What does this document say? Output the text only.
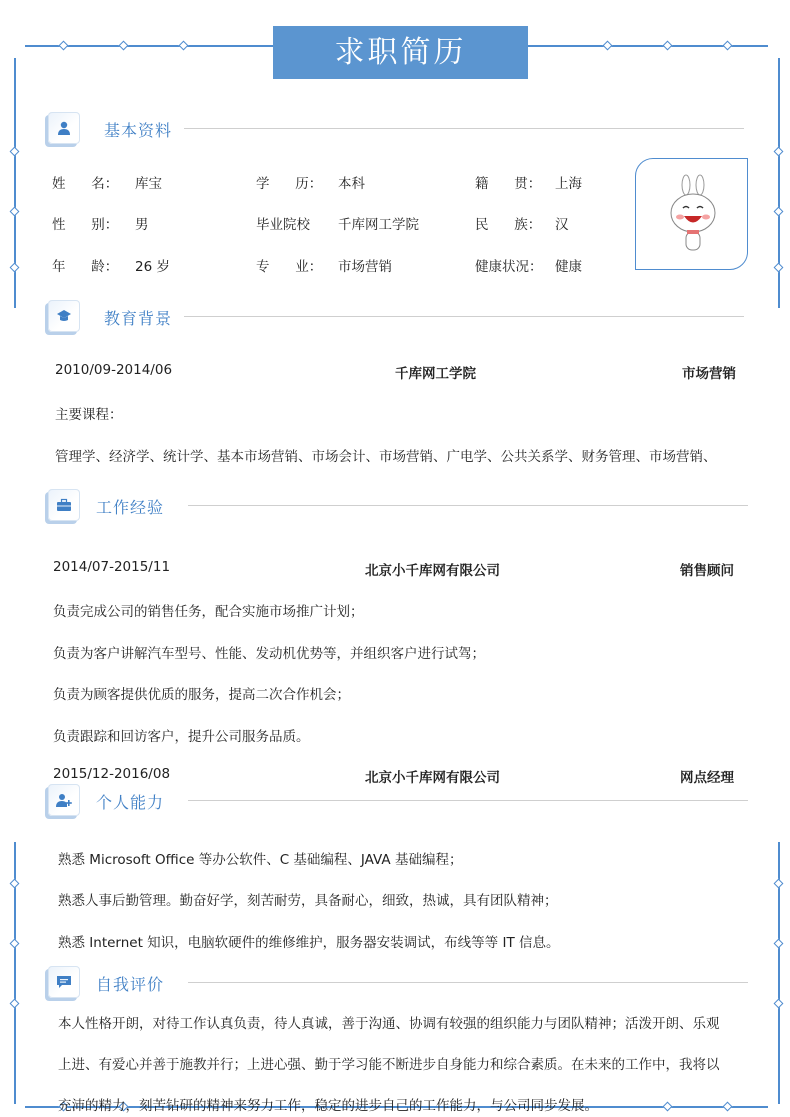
求职简历
基本资料
姓      名： 库宝	学      历： 本科	籍      贯： 上海
性      别： 男	毕业院校 千库网工学院	民      族： 汉
年      龄： 26 岁	专      业： 市场营销	健康状况： 健康
教育背景
2010/09-2014/06	千库网工学院	市场营销
主要课程：
管理学、经济学、统计学、基本市场营销、市场会计、市场营销、广电学、公共关系学、财务管理、市场营销、
工作经验
2014/07-2015/11	北京小千库网有限公司	销售顾问
负责完成公司的销售任务，配合实施市场推广计划；
负责为客户讲解汽车型号、性能、发动机优势等，并组织客户进行试驾；
负责为顾客提供优质的服务，提高二次合作机会；
负责跟踪和回访客户，提升公司服务品质。
2015/12-2016/08	北京小千库网有限公司	网点经理
个人能力
熟悉 Microsoft Office 等办公软件、C 基础编程、JAVA 基础编程；
熟悉人事后勤管理。勤奋好学，刻苦耐劳，具备耐心，细致，热诚，具有团队精神；
熟悉 Internet 知识，电脑软硬件的维修维护，服务器安装调试，布线等等 IT 信息。
自我评价
本人性格开朗，对待工作认真负责，待人真诚，善于沟通、协调有较强的组织能力与团队精神；活泼开朗、乐观
上进、有爱心并善于施教并行；上进心强、勤于学习能不断进步自身能力和综合素质。在未来的工作中，我将以
充沛的精力，刻苦钻研的精神来努力工作，稳定的进步自己的工作能力，与公司同步发展。
